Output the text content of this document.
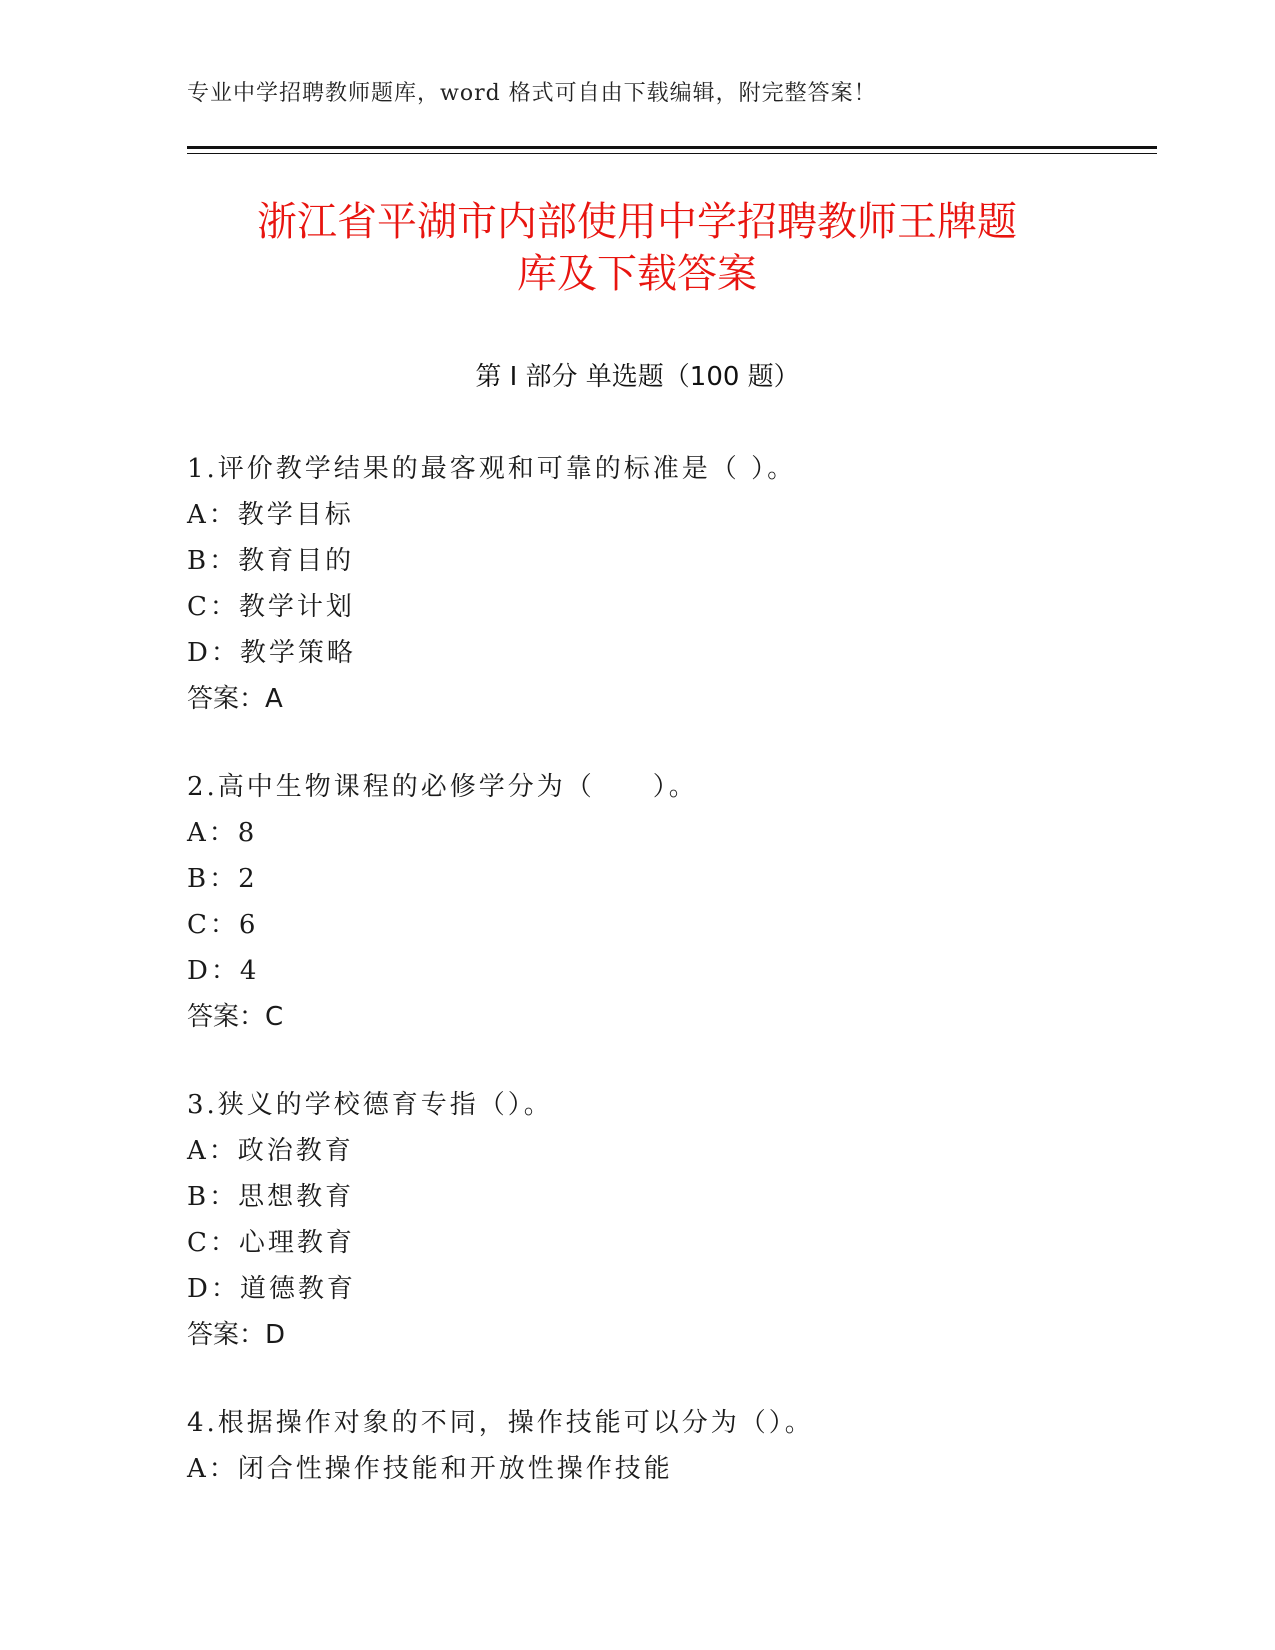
专业中学招聘教师题库，word 格式可自由下载编辑，附完整答案！
浙江省平湖市内部使用中学招聘教师王牌题
库及下载答案
第 I 部分 单选题（100 题）
1.评价教学结果的最客观和可靠的标准是（ ）。
A：教学目标
B：教育目的
C：教学计划
D：教学策略
答案：A
2.高中生物课程的必修学分为（　　）。
A：8
B：2
C：6
D：4
答案：C
3.狭义的学校德育专指（）。
A：政治教育
B：思想教育
C：心理教育
D：道德教育
答案：D
4.根据操作对象的不同，操作技能可以分为（）。
A：闭合性操作技能和开放性操作技能
